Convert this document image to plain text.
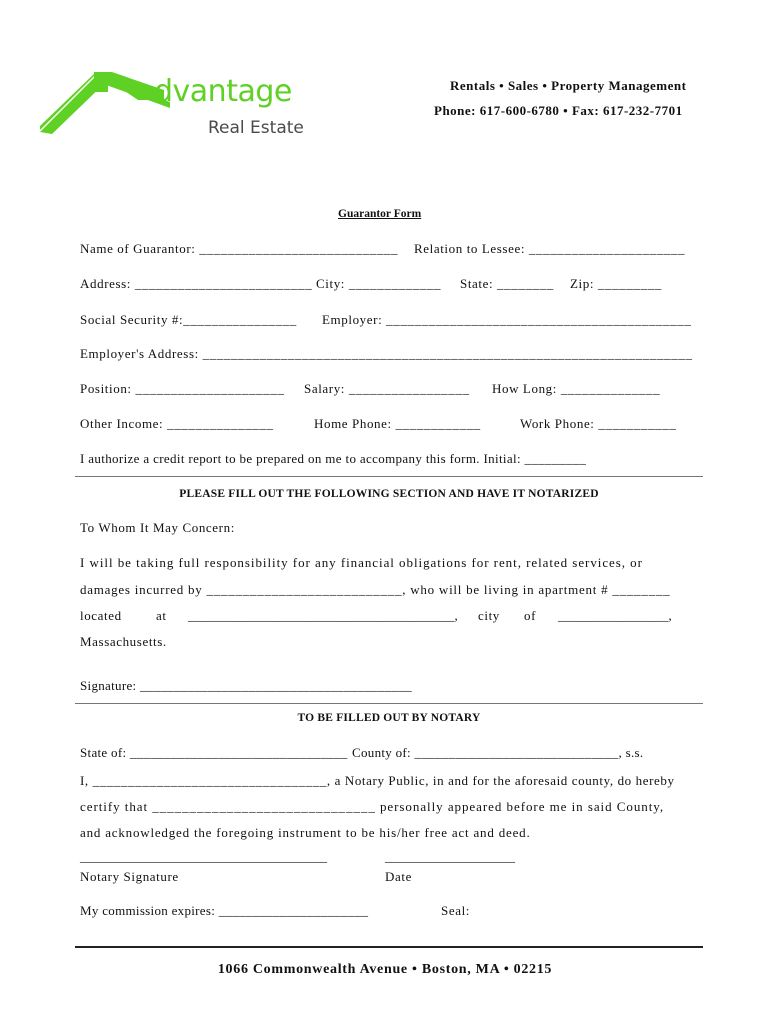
dvantage
Real Estate
Rentals • Sales • Property Management
Phone: 617-600-6780 • Fax: 617-232-7701
Guarantor Form
Name of Guarantor: ____________________________ Relation to Lessee: ______________________
Address: _________________________ City: _____________ State: ________ Zip: _________
Social Security #:________________ Employer: ___________________________________________
Employer's Address: _____________________________________________________________________
Position: _____________________ Salary: _________________ How Long: ______________
Other Income: _______________	Home Phone: ____________	Work Phone: ___________
I authorize a credit report to be prepared on me to accompany this form. Initial: _________
PLEASE FILL OUT THE FOLLOWING SECTION AND HAVE IT NOTARIZED
To Whom It May Concern:
I will be taking full responsibility for any financial obligations for rent, related services, or
damages incurred by ___________________________, who will be living in apartment # ________
located	at _________________________________________, city of _________________,
Massachusetts.
Signature: ________________________________________
TO BE FILLED OUT BY NOTARY
State of: ________________________________ County of: ______________________________, s.s.
I, _________________________________, a Notary Public, in and for the aforesaid county, do hereby
certify that ______________________________ personally appeared before me in said County,
and acknowledged the foregoing instrument to be his/her free act and deed.
______________________________________
Notary Signature
____________________
Date
My commission expires: ______________________	Seal:
1066 Commonwealth Avenue • Boston, MA • 02215
